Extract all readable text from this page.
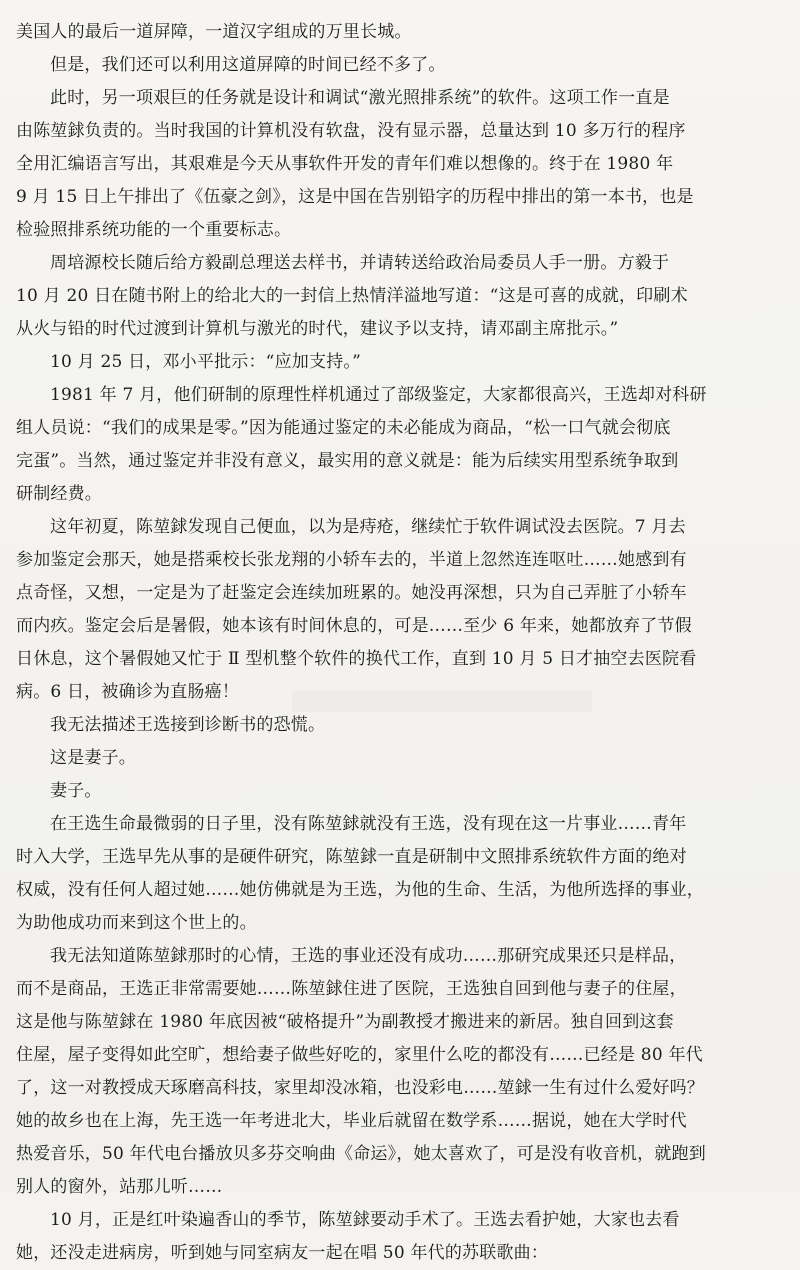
美国人的最后一道屏障，一道汉字组成的万里长城。
但是，我们还可以利用这道屏障的时间已经不多了。
此时，另一项艰巨的任务就是设计和调试“激光照排系统”的软件。这项工作一直是
由陈堃銶负责的。当时我国的计算机没有软盘，没有显示器，总量达到 10 多万行的程序
全用汇编语言写出，其艰难是今天从事软件开发的青年们难以想像的。终于在 1980 年
9 月 15 日上午排出了《伍豪之剑》，这是中国在告别铅字的历程中排出的第一本书，也是
检验照排系统功能的一个重要标志。
周培源校长随后给方毅副总理送去样书，并请转送给政治局委员人手一册。方毅于
10 月 20 日在随书附上的给北大的一封信上热情洋溢地写道：“这是可喜的成就，印刷术
从火与铅的时代过渡到计算机与激光的时代，建议予以支持，请邓副主席批示。”
10 月 25 日，邓小平批示：“应加支持。”
1981 年 7 月，他们研制的原理性样机通过了部级鉴定，大家都很高兴，王选却对科研
组人员说：“我们的成果是零。”因为能通过鉴定的未必能成为商品，“松一口气就会彻底
完蛋”。当然，通过鉴定并非没有意义，最实用的意义就是：能为后续实用型系统争取到
研制经费。
这年初夏，陈堃銶发现自己便血，以为是痔疮，继续忙于软件调试没去医院。7 月去
参加鉴定会那天，她是搭乘校长张龙翔的小轿车去的，半道上忽然连连呕吐……她感到有
点奇怪，又想，一定是为了赶鉴定会连续加班累的。她没再深想，只为自己弄脏了小轿车
而内疚。鉴定会后是暑假，她本该有时间休息的，可是……至少 6 年来，她都放弃了节假
日休息，这个暑假她又忙于 Ⅱ 型机整个软件的换代工作，直到 10 月 5 日才抽空去医院看
病。6 日，被确诊为直肠癌！
我无法描述王选接到诊断书的恐慌。
这是妻子。
妻子。
在王选生命最微弱的日子里，没有陈堃銶就没有王选，没有现在这一片事业……青年
时入大学，王选早先从事的是硬件研究，陈堃銶一直是研制中文照排系统软件方面的绝对
权威，没有任何人超过她……她仿佛就是为王选，为他的生命、生活，为他所选择的事业，
为助他成功而来到这个世上的。
我无法知道陈堃銶那时的心情，王选的事业还没有成功……那研究成果还只是样品，
而不是商品，王选正非常需要她……陈堃銶住进了医院，王选独自回到他与妻子的住屋，
这是他与陈堃銶在 1980 年底因被“破格提升”为副教授才搬进来的新居。独自回到这套
住屋，屋子变得如此空旷，想给妻子做些好吃的，家里什么吃的都没有……已经是 80 年代
了，这一对教授成天琢磨高科技，家里却没冰箱，也没彩电……堃銶一生有过什么爱好吗？
她的故乡也在上海，先王选一年考进北大，毕业后就留在数学系……据说，她在大学时代
热爱音乐，50 年代电台播放贝多芬交响曲《命运》，她太喜欢了，可是没有收音机，就跑到
别人的窗外，站那儿听……
10 月，正是红叶染遍香山的季节，陈堃銶要动手术了。王选去看护她，大家也去看
她，还没走进病房，听到她与同室病友一起在唱 50 年代的苏联歌曲：
